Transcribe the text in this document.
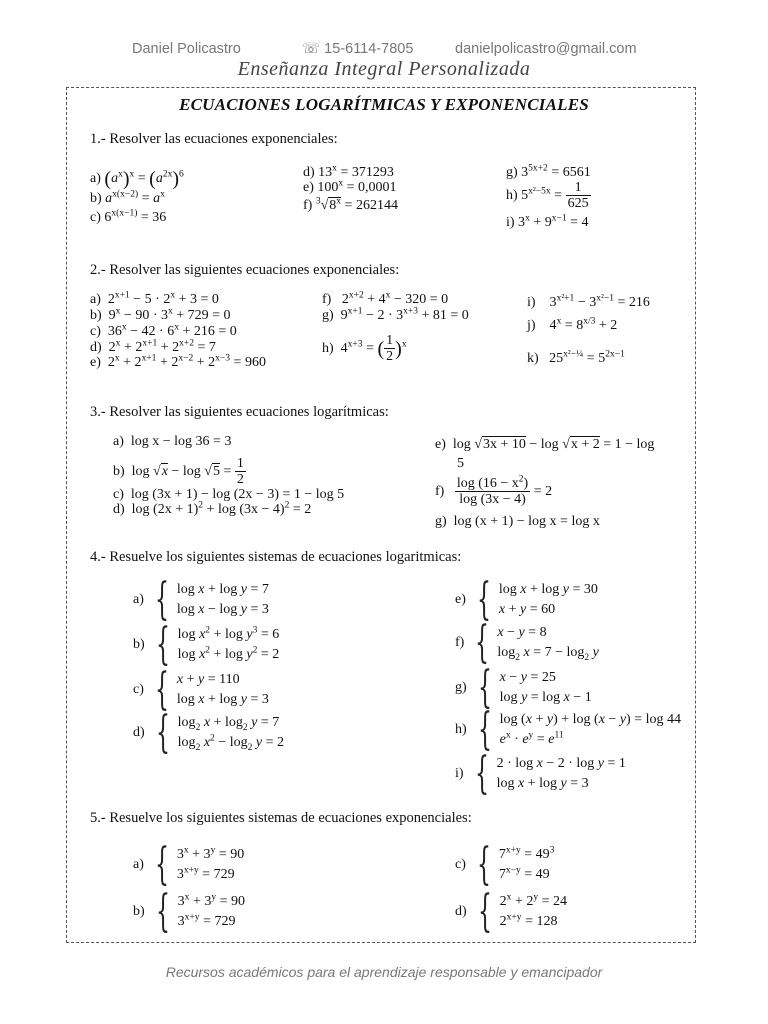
Daniel Policastro	☏ 15-6114-7805	danielpolicastro@gmail.com
Enseñanza Integral Personalizada
ECUACIONES LOGARÍTMICAS Y EXPONENCIALES
1.- Resolver las ecuaciones exponenciales:
a) $(a^x)^x = (a^{2x})^6$
b) $a^{x(x-2)} = a^x$
c) $6^{x(x-1)} = 36$
d) $13^x = 371293$
e) $100^x = 0,0001$
f) $^3√8^x = 262144$
g) $3^{5x+2} = 6561$
h) $5^{x^2-5x} = \frac{1}{625}$
i) $3^x + 9^{x-1} = 4$
2.- Resolver las siguientes ecuaciones exponenciales:
a)  $2^{x+1} - 5 \cdot 2^x + 3 = 0$
b)  $9^x - 90 \cdot 3^x + 729 = 0$
c)  $36^x - 42 \cdot 6^x + 216 = 0$
d)  $2^x + 2^{x+1} + 2^{x+2} = 7$
e)  $2^x + 2^{x+1} + 2^{x-2} + 2^{x-3} = 960$
f)   $2^{x+2} + 4^x - 320 = 0$
g)  $9^{x+1} - 2 \cdot 3^{x+3} + 81 = 0$
h)  $4^{x+3}$ = ( $\frac{1}{2} )^x$
i)    $3^{x^2+1} - 3^{x^2-1} = 216$
j)    $4^x = 8^{x/3} + 2$
k)   $25^{x^2-\frac{1}{4}} = 5^{2x-1}$
3.- Resolver las siguientes ecuaciones logarítmicas:
a)  log x − log 36 = 3
b)  $\log √x - \log √5 = \frac{1}{2}$
c)  log (3x + 1) − log (2x − 3) = 1 − log 5
d)  $\log (2x + 1)^2 + \log (3x - 4)^2 = 2$
e)  log √3x + 10 − log √x + 2 = 1 − log
5
$f) \frac{\log (16 - x^2)}{\log (3x - 4)} = 2$
g)  log (x + 1) − log x = log x
4.- Resuelve los siguientes sistemas de ecuaciones logaritmicas:
a) { log x + log y = 7
log x − log y = 3
b) { $\log x^2 + \log y^3 = 6$
$\log x^2 + \log y^2 = 2$
c) { x + y = 110
log x + log y = 3
d) { $\log_2 x + \log_2 y = 7$
$\log_2 x^2 - \log_2 y = 2$
e) { log x + log y = 30
x + y = 60
f) { x − y = 8
$\log_2 x = 7 - \log_2 y$
g) { x − y = 25
log y = log x − 1
h) { log (x + y) + log (x − y) = log 44
$e^x \cdot e^y = e^{11}$
i) { 2 · log x − 2 · log y = 1
log x + log y = 3
5.- Resuelve los siguientes sistemas de ecuaciones exponenciales:
a) { $3^x + 3^y = 90$
$3^{x+y} = 729$
b) { $3^x + 3^y = 90$
$3^{x+y} = 729$
c) { $7^{x+y} = 49^3$
$7^{x-y} = 49$
d) { $2^x + 2^y = 24$
$2^{x+y} = 128$
Recursos académicos para el aprendizaje responsable y emancipador
